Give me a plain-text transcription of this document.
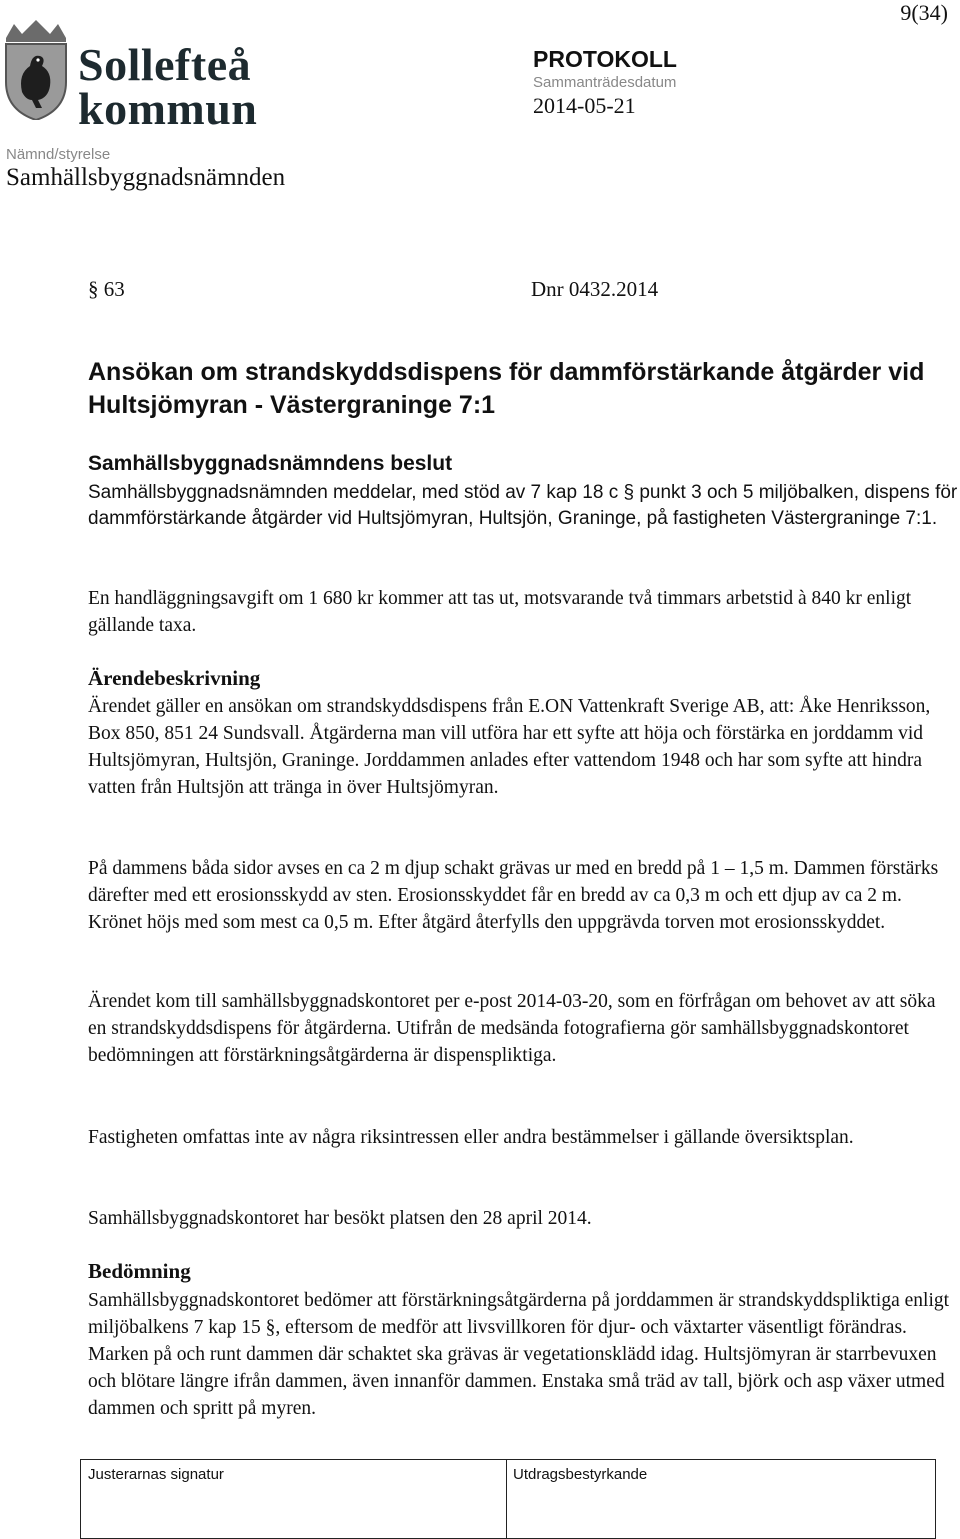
9(34)
Sollefteå
kommun
PROTOKOLL
Sammanträdesdatum
2014-05-21
Nämnd/styrelse
Samhällsbyggnadsnämnden
§ 63	Dnr 0432.2014
Ansökan om strandskyddsdispens för dammförstärkande åtgärder vid Hultsjömyran - Västergraninge 7:1
Samhällsbyggnadsnämndens beslut

Samhällsbyggnadsnämnden meddelar, med stöd av 7 kap 18 c § punkt 3 och 5 miljöbalken, dispens för dammförstärkande åtgärder vid Hultsjömyran, Hultsjön, Graninge, på fastigheten Västergraninge 7:1.

En handläggningsavgift om 1 680 kr kommer att tas ut, motsvarande två timmars arbetstid à 840 kr enligt gällande taxa.

Ärendebeskrivning

Ärendet gäller en ansökan om strandskyddsdispens från E.ON Vattenkraft Sverige AB, att: Åke Henriksson, Box 850, 851 24 Sundsvall. Åtgärderna man vill utföra har ett syfte att höja och förstärka en jorddamm vid Hultsjömyran, Hultsjön, Graninge. Jorddammen anlades efter vattendom 1948 och har som syfte att hindra vatten från Hultsjön att tränga in över Hultsjömyran.

På dammens båda sidor avses en ca 2 m djup schakt grävas ur med en bredd på 1 – 1,5 m. Dammen förstärks därefter med ett erosionsskydd av sten. Erosionsskyddet får en bredd av ca 0,3 m och ett djup av ca 2 m. Krönet höjs med som mest ca 0,5 m. Efter åtgärd återfylls den uppgrävda torven mot erosionsskyddet.

Ärendet kom till samhällsbyggnadskontoret per e-post 2014-03-20, som en förfrågan om behovet av att söka en strandskyddsdispens för åtgärderna. Utifrån de medsända fotografierna gör samhällsbyggnadskontoret bedömningen att förstärkningsåtgärderna är dispenspliktiga.

Fastigheten omfattas inte av några riksintressen eller andra bestämmelser i gällande översiktsplan.

Samhällsbyggnadskontoret har besökt platsen den 28 april 2014.

Bedömning

Samhällsbyggnadskontoret bedömer att förstärkningsåtgärderna på jorddammen är strandskyddspliktiga enligt miljöbalkens 7 kap 15 §, eftersom de medför att livsvillkoren för djur- och växtarter väsentligt förändras. Marken på och runt dammen där schaktet ska grävas är vegetationsklädd idag. Hultsjömyran är starrbevuxen och blötare längre ifrån dammen, även innanför dammen. Enstaka små träd av tall, björk och asp växer utmed dammen och spritt på myren.

Justerarnas signatur	Utdragsbestyrkande
